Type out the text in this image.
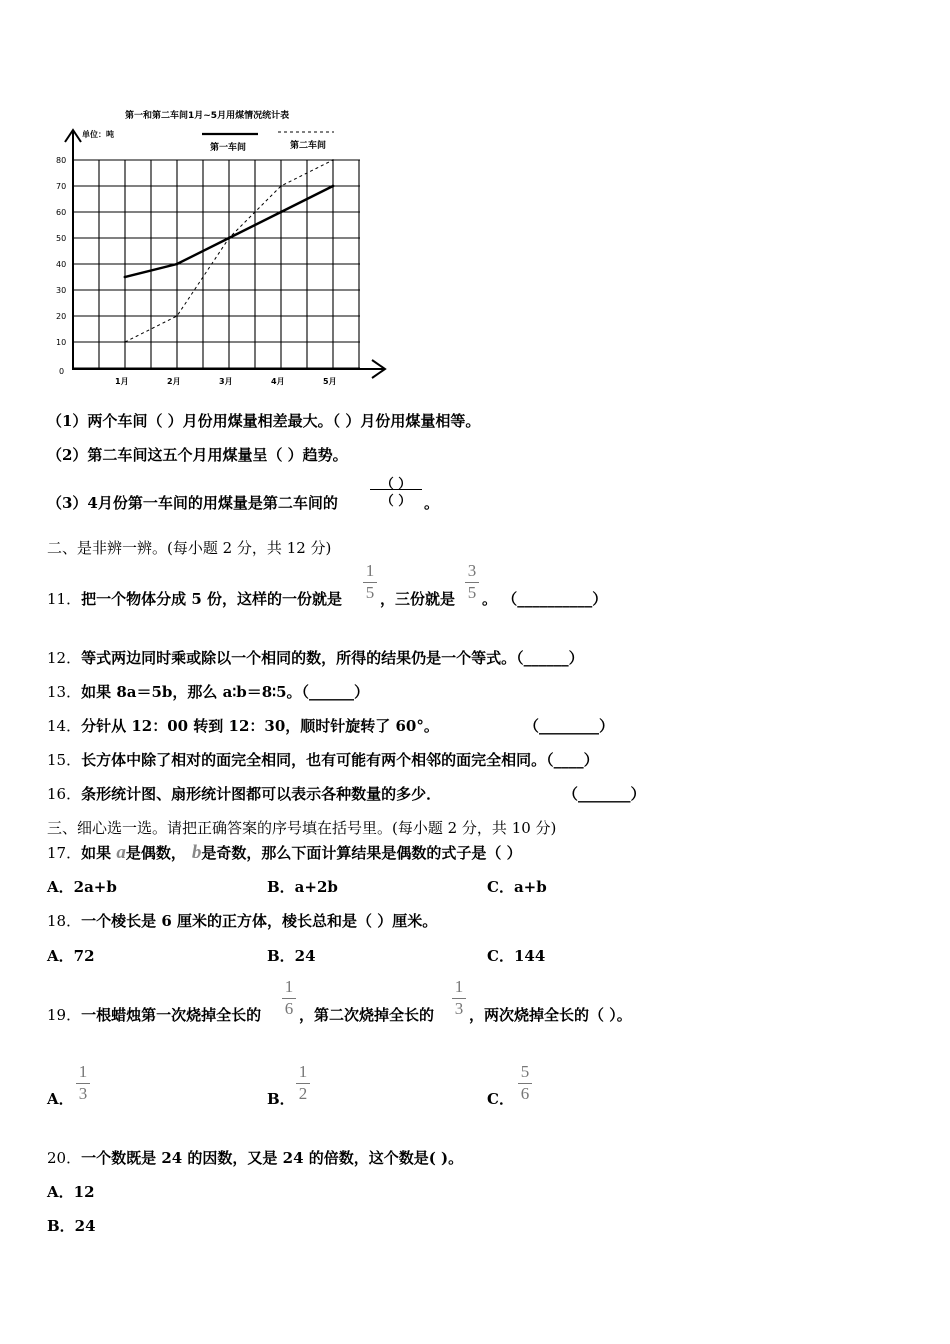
第一和第二车间1月~5月用煤情况统计表
单位：吨
第一车间	第二车间
80
70
60
50
40
30
20
10
0
1月	2月	3月	4月	5月
（1）两个车间（ ）月份用煤量相差最大。（ ）月份用煤量相等。
（2）第二车间这五个月用煤量呈（ ）趋势。
（3）4月份第一车间的用煤量是第二车间的
（ ）
（ ） 。
二、是非辨一辨。(每小题 2 分，共 12 分)
11．把一个物体分成 5 份，这样的一份就是
1
5 ，三份就是
3
5 。 （__________）
12．等式两边同时乘或除以一个相同的数，所得的结果仍是一个等式。（______）
13．如果 8a＝5b，那么 a∶b＝8∶5。（______）
14．分针从 12：00 转到 12：30，顺时针旋转了 60°。	（________）
15．长方体中除了相对的面完全相同，也有可能有两个相邻的面完全相同。（____）
16．条形统计图、扇形统计图都可以表示各种数量的多少．	（_______）
三、细心选一选。请把正确答案的序号填在括号里。(每小题 2 分，共 10 分)
17．如果 a是偶数， b是奇数，那么下面计算结果是偶数的式子是（ ）
A．2a+b	B．a+2b	C．a+b
18．一个棱长是 6 厘米的正方体，棱长总和是（ ）厘米。
A．72	B．24	C．144
19．一根蜡烛第一次烧掉全长的
1
6 ，第二次烧掉全长的
1
3 ，两次烧掉全长的（ ）。
A．
1
3	B．
1
2	C．
5
6
20．一个数既是 24 的因数，又是 24 的倍数，这个数是( )。
A．12
B．24
